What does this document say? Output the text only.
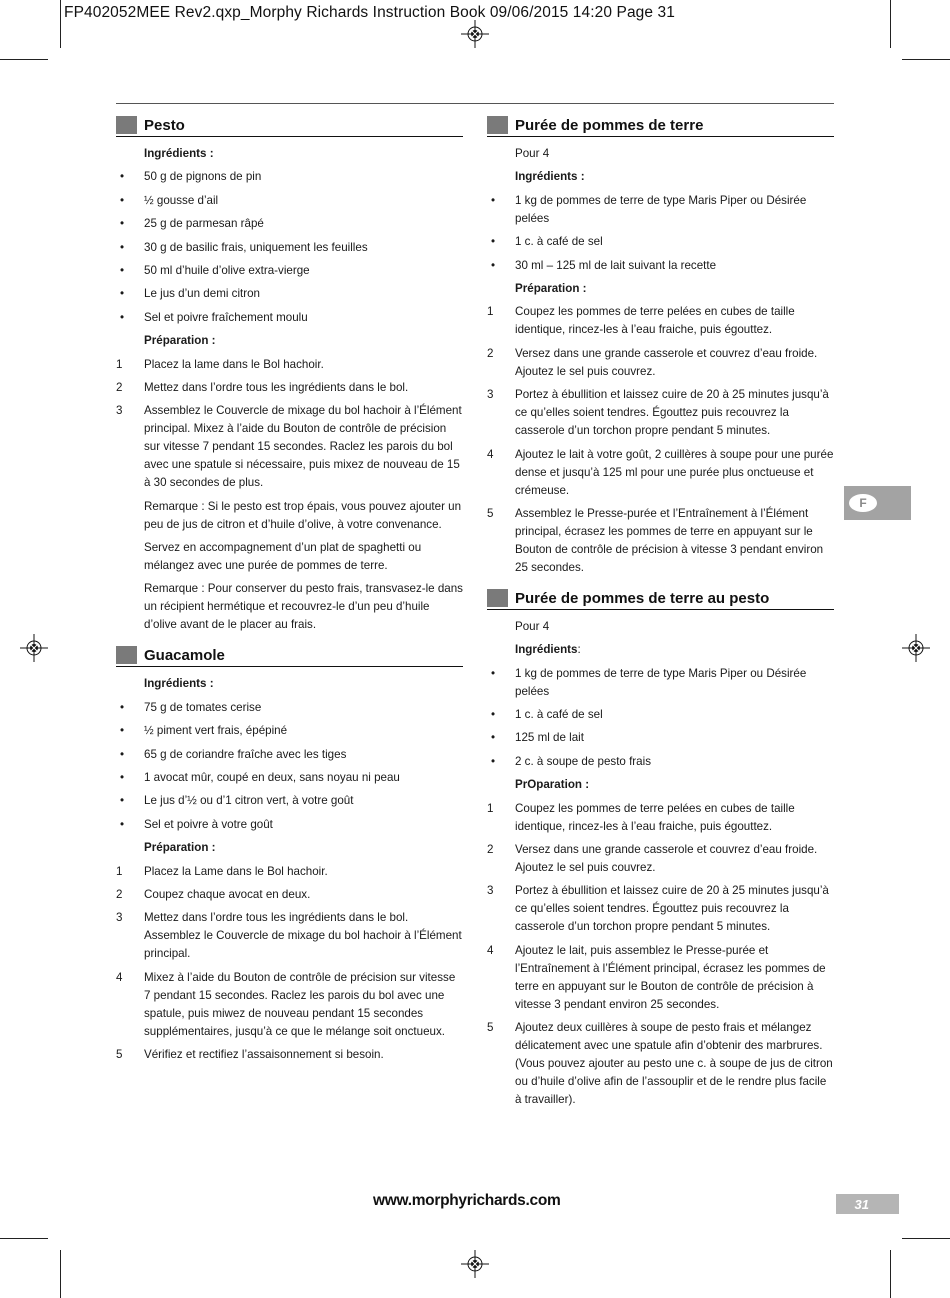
FP402052MEE Rev2.qxp_Morphy Richards Instruction Book 09/06/2015 14:20 Page 31
Pesto
Ingrédients :
•	50 g de pignons de pin
•	½ gousse d’ail
•	25 g de parmesan râpé
•	30 g de basilic frais, uniquement les feuilles
•	50 ml d’huile d’olive extra-vierge
•	Le jus d’un demi citron
•	Sel et poivre fraîchement moulu
Préparation :
1	Placez la lame dans le Bol hachoir.
2	Mettez dans l’ordre tous les ingrédients dans le bol.
3	Assemblez le Couvercle de mixage du bol hachoir à l’Élément principal. Mixez à l’aide du Bouton de contrôle de précision sur vitesse 7 pendant 15 secondes. Raclez les parois du bol avec une spatule si nécessaire, puis mixez de nouveau de 15 à 30 secondes de plus.
Remarque : Si le pesto est trop épais, vous pouvez ajouter un peu de jus de citron et d’huile d’olive, à votre convenance.
Servez en accompagnement d’un plat de spaghetti ou mélangez avec une purée de pommes de terre.
Remarque : Pour conserver du pesto frais, transvasez-le dans un récipient hermétique et recouvrez-le d’un peu d’huile d’olive avant de le placer au frais.
Guacamole
Ingrédients :
•	75 g de tomates cerise
•	½ piment vert frais, épépiné
•	65 g de coriandre fraîche avec les tiges
•	1 avocat mûr, coupé en deux, sans noyau ni peau
•	Le jus d’½ ou d’1 citron vert, à votre goût
•	Sel et poivre à votre goût
Préparation :
1	Placez la Lame dans le Bol hachoir.
2	Coupez chaque avocat en deux.
3	Mettez dans l’ordre tous les ingrédients dans le bol. Assemblez le Couvercle de mixage du bol hachoir à l’Élément principal.
4	Mixez à l’aide du Bouton de contrôle de précision sur vitesse 7 pendant 15 secondes. Raclez les parois du bol avec une spatule, puis miwez de nouveau pendant 15 secondes supplémentaires, jusqu’à ce que le mélange soit onctueux.
5	Vérifiez et rectifiez l’assaisonnement si besoin.
Purée de pommes de terre
Pour 4
Ingrédients :
•	1 kg de pommes de terre de type Maris Piper ou Désirée pelées
•	1 c. à café de sel
•	30 ml – 125 ml de lait suivant la recette
Préparation :
1	Coupez les pommes de terre pelées en cubes de taille identique, rincez-les à l’eau fraiche, puis égouttez.
2	Versez dans une grande casserole et couvrez d’eau froide. Ajoutez le sel puis couvrez.
3	Portez à ébullition et laissez cuire de 20 à 25 minutes jusqu’à ce qu’elles soient tendres. Égouttez puis recouvrez la casserole d’un torchon propre pendant 5 minutes.
4	Ajoutez le lait à votre goût, 2 cuillères à soupe pour une purée dense et jusqu’à 125 ml pour une purée plus onctueuse et crémeuse.
5	Assemblez le Presse-purée et l’Entraînement à l’Élément principal, écrasez les pommes de terre en appuyant sur le Bouton de contrôle de précision à vitesse 3 pendant environ 25 secondes.
Purée de pommes de terre au pesto
Pour 4
Ingrédients:
•	1 kg de pommes de terre de type Maris Piper ou Désirée pelées
•	1 c. à café de sel
•	125 ml de lait
•	2 c. à soupe de pesto frais
PrOparation :
1	Coupez les pommes de terre pelées en cubes de taille identique, rincez-les à l’eau fraiche, puis égouttez.
2	Versez dans une grande casserole et couvrez d’eau froide. Ajoutez le sel puis couvrez.
3	Portez à ébullition et laissez cuire de 20 à 25 minutes jusqu’à ce qu’elles soient tendres. Égouttez puis recouvrez la casserole d’un torchon propre pendant 5 minutes.
4	Ajoutez le lait, puis assemblez le Presse-purée et l’Entraînement à l’Élément principal, écrasez les pommes de terre en appuyant sur le Bouton de contrôle de précision à vitesse 3 pendant environ 25 secondes.
5	Ajoutez deux cuillères à soupe de pesto frais et mélangez délicatement avec une spatule afin d’obtenir des marbrures. (Vous pouvez ajouter au pesto une c. à soupe de jus de citron ou d’huile d’olive afin de l’assouplir et de le rendre plus facile à travailler).
F
www.morphyrichards.com	31
